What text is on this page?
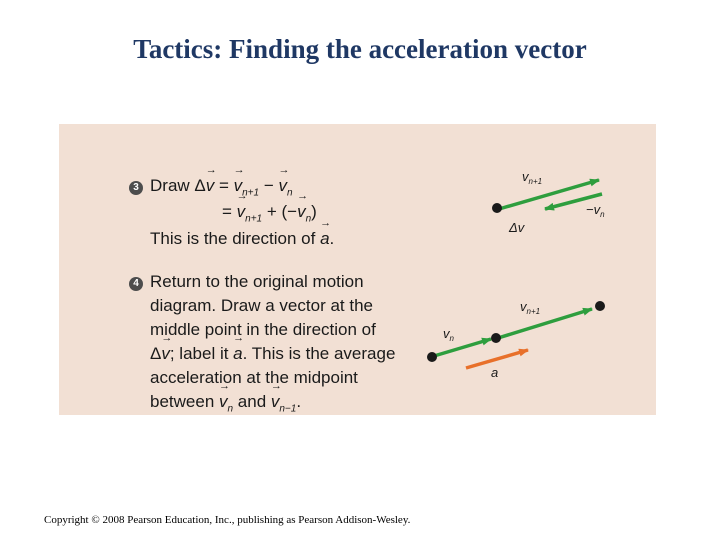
Tactics: Finding the acceleration vector
3 Draw Δ→ v = → $v_{n+1}$ − → $v_n$
= → $v_{n+1}$ + (−→ $v_n$)
This is the direction of → a.
4 Return to the original motion
diagram. Draw a vector at the
middle point in the direction of
Δ→ v; label it → a. This is the average
acceleration at the midpoint
between → $v_n$ and → $v_{n-1}$.
$v_{n+1}$
$-v_n$
Δv
$v_{n+1}$
$v_n$
a
Copyright © 2008 Pearson Education, Inc., publishing as Pearson Addison-Wesley.
